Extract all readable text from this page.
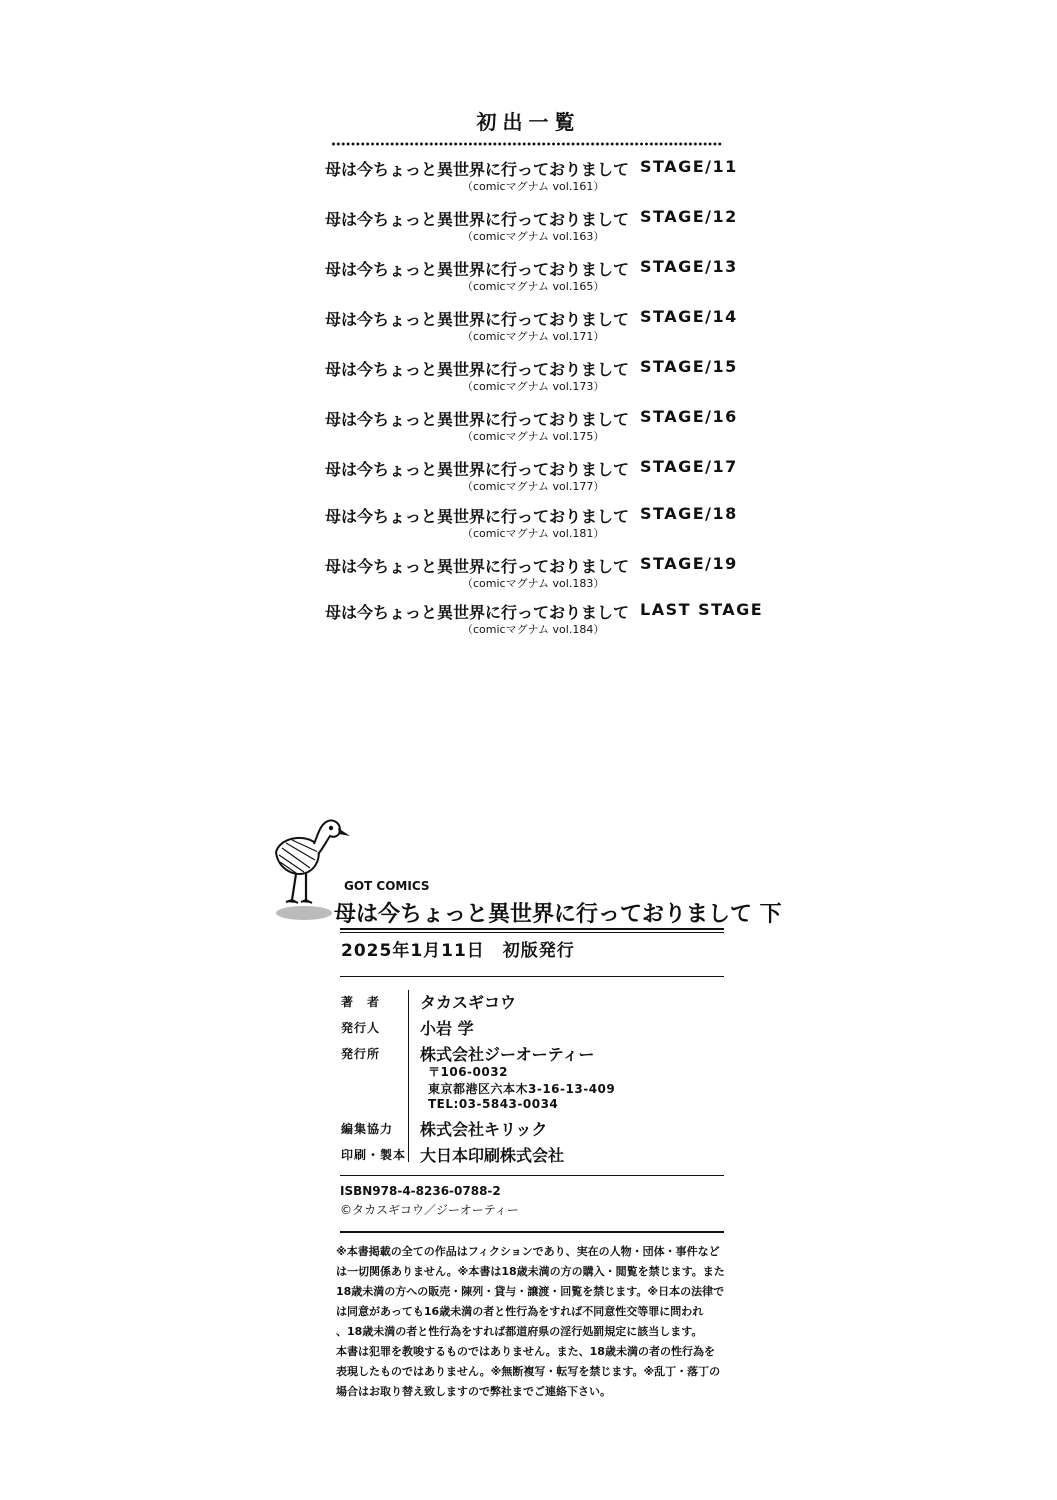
初出一覧
母は今ちょっと異世界に行っておりまして STAGE/11
（comicマグナム vol.161）
母は今ちょっと異世界に行っておりまして STAGE/12
（comicマグナム vol.163）
母は今ちょっと異世界に行っておりまして STAGE/13
（comicマグナム vol.165）
母は今ちょっと異世界に行っておりまして STAGE/14
（comicマグナム vol.171）
母は今ちょっと異世界に行っておりまして STAGE/15
（comicマグナム vol.173）
母は今ちょっと異世界に行っておりまして STAGE/16
（comicマグナム vol.175）
母は今ちょっと異世界に行っておりまして STAGE/17
（comicマグナム vol.177）
母は今ちょっと異世界に行っておりまして STAGE/18
（comicマグナム vol.181）
母は今ちょっと異世界に行っておりまして STAGE/19
（comicマグナム vol.183）
母は今ちょっと異世界に行っておりまして LAST STAGE
（comicマグナム vol.184）
GOT COMICS
母は今ちょっと異世界に行っておりまして 下
2025年1月11日　初版発行
著　者 タカスギコウ
発行人 小岩 学
発行所 株式会社ジーオーティー
〒106-0032
東京都港区六本木3-16-13-409
TEL:03-5843-0034
編集協力 株式会社キリック
印刷・製本 大日本印刷株式会社
ISBN978-4-8236-0788-2
©タカスギコウ／ジーオーティー
※本書掲載の全ての作品はフィクションであり、実在の人物・団体・事件など
は一切関係ありません。※本書は18歳未満の方の購入・閲覧を禁じます。また
18歳未満の方への販売・陳列・貸与・譲渡・回覧を禁じます。※日本の法律で
は同意があっても16歳未満の者と性行為をすれば不同意性交等罪に問われ
、18歳未満の者と性行為をすれば都道府県の淫行処罰規定に該当します。
本書は犯罪を教唆するものではありません。また、18歳未満の者の性行為を
表現したものではありません。※無断複写・転写を禁じます。※乱丁・落丁の
場合はお取り替え致しますので弊社までご連絡下さい。
